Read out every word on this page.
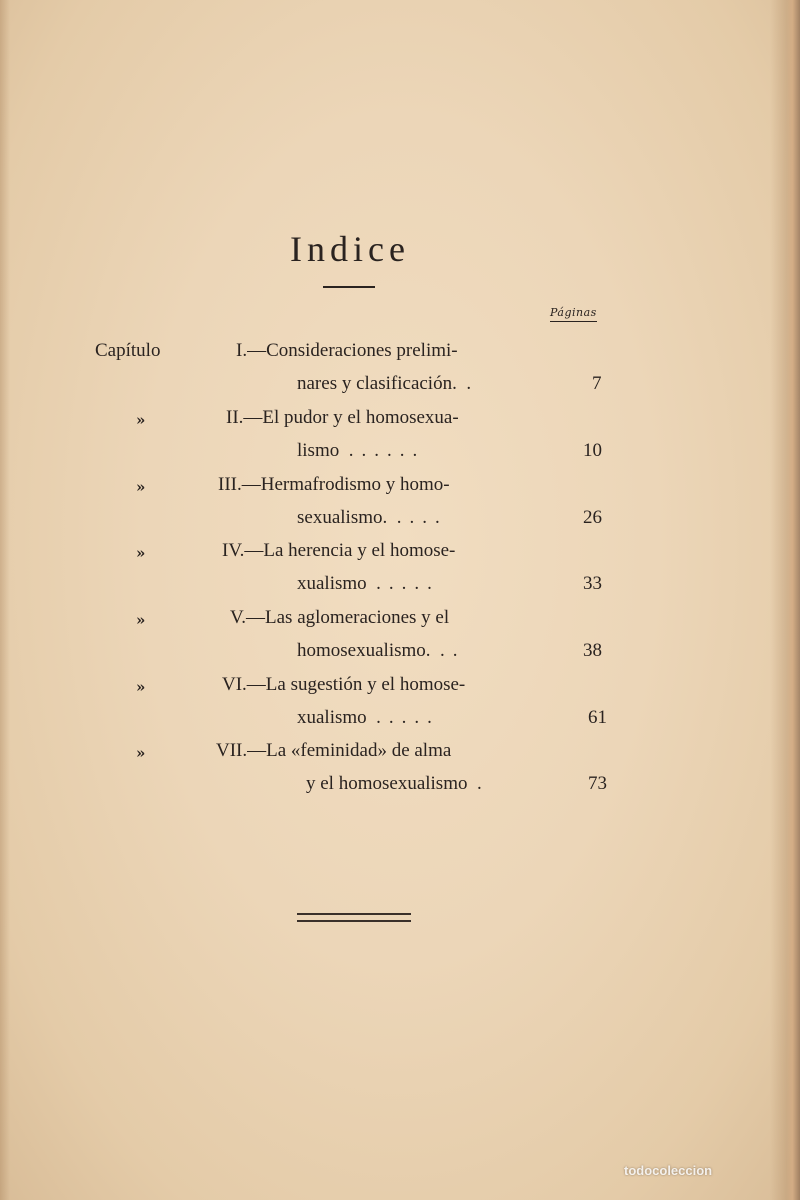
Indice
Páginas
Capítulo	I.—Consideraciones prelimi-
nares y clasificación. .	7
»	II.—El pudor y el homosexua-
lismo ......	10
»	III.—Hermafrodismo y homo-
sexualismo. ....	26
»	IV.—La herencia y el homose-
xualismo .....	33
»	V.—Las aglomeraciones y el
homosexualismo. ..	38
»	VI.—La sugestión y el homose-
xualismo .....	61
»	VII.—La «feminidad» de alma
y el homosexualismo .	73
todocoleccion
